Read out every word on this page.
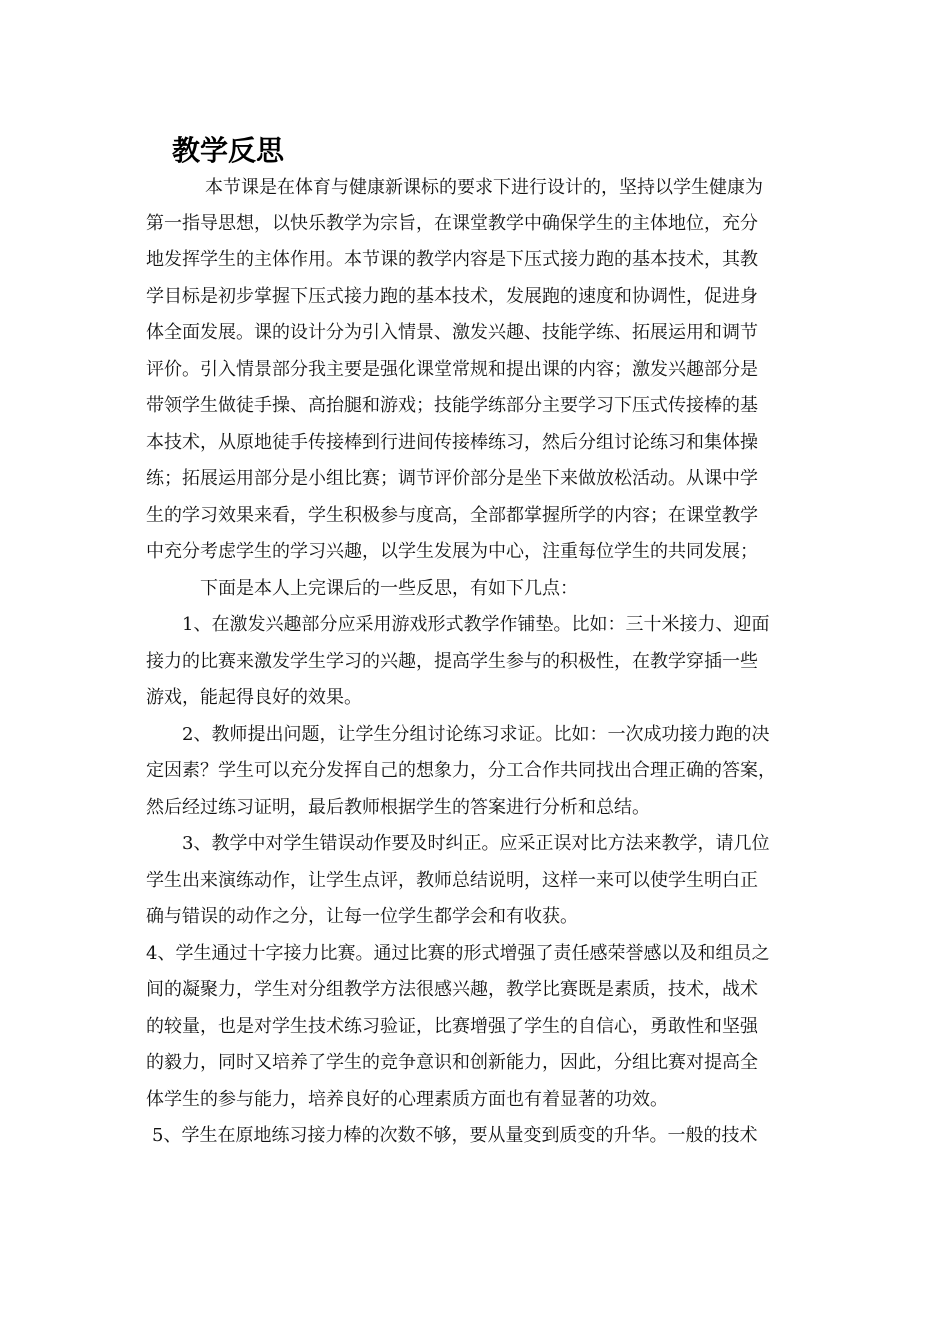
教学反思

本节课是在体育与健康新课标的要求下进行设计的，坚持以学生健康为

第一指导思想，以快乐教学为宗旨，在课堂教学中确保学生的主体地位，充分

地发挥学生的主体作用。本节课的教学内容是下压式接力跑的基本技术，其教

学目标是初步掌握下压式接力跑的基本技术，发展跑的速度和协调性，促进身

体全面发展。课的设计分为引入情景、激发兴趣、技能学练、拓展运用和调节

评价。引入情景部分我主要是强化课堂常规和提出课的内容；激发兴趣部分是

带领学生做徒手操、高抬腿和游戏；技能学练部分主要学习下压式传接棒的基

本技术，从原地徒手传接棒到行进间传接棒练习，然后分组讨论练习和集体操

练；拓展运用部分是小组比赛；调节评价部分是坐下来做放松活动。从课中学

生的学习效果来看，学生积极参与度高，全部都掌握所学的内容；在课堂教学

中充分考虑学生的学习兴趣，以学生发展为中心，注重每位学生的共同发展；

下面是本人上完课后的一些反思，有如下几点：

1、在激发兴趣部分应采用游戏形式教学作铺垫。比如：三十米接力、迎面

接力的比赛来激发学生学习的兴趣，提高学生参与的积极性，在教学穿插一些

游戏，能起得良好的效果。

2、教师提出问题，让学生分组讨论练习求证。比如：一次成功接力跑的决

定因素？学生可以充分发挥自己的想象力，分工合作共同找出合理正确的答案，

然后经过练习证明，最后教师根据学生的答案进行分析和总结。

3、教学中对学生错误动作要及时纠正。应采正误对比方法来教学，请几位

学生出来演练动作，让学生点评，教师总结说明，这样一来可以使学生明白正

确与错误的动作之分，让每一位学生都学会和有收获。

4、学生通过十字接力比赛。通过比赛的形式增强了责任感荣誉感以及和组员之

间的凝聚力，学生对分组教学方法很感兴趣，教学比赛既是素质，技术，战术

的较量，也是对学生技术练习验证，比赛增强了学生的自信心，勇敢性和坚强

的毅力，同时又培养了学生的竞争意识和创新能力，因此，分组比赛对提高全

体学生的参与能力，培养良好的心理素质方面也有着显著的功效。

5、学生在原地练习接力棒的次数不够，要从量变到质变的升华。一般的技术
